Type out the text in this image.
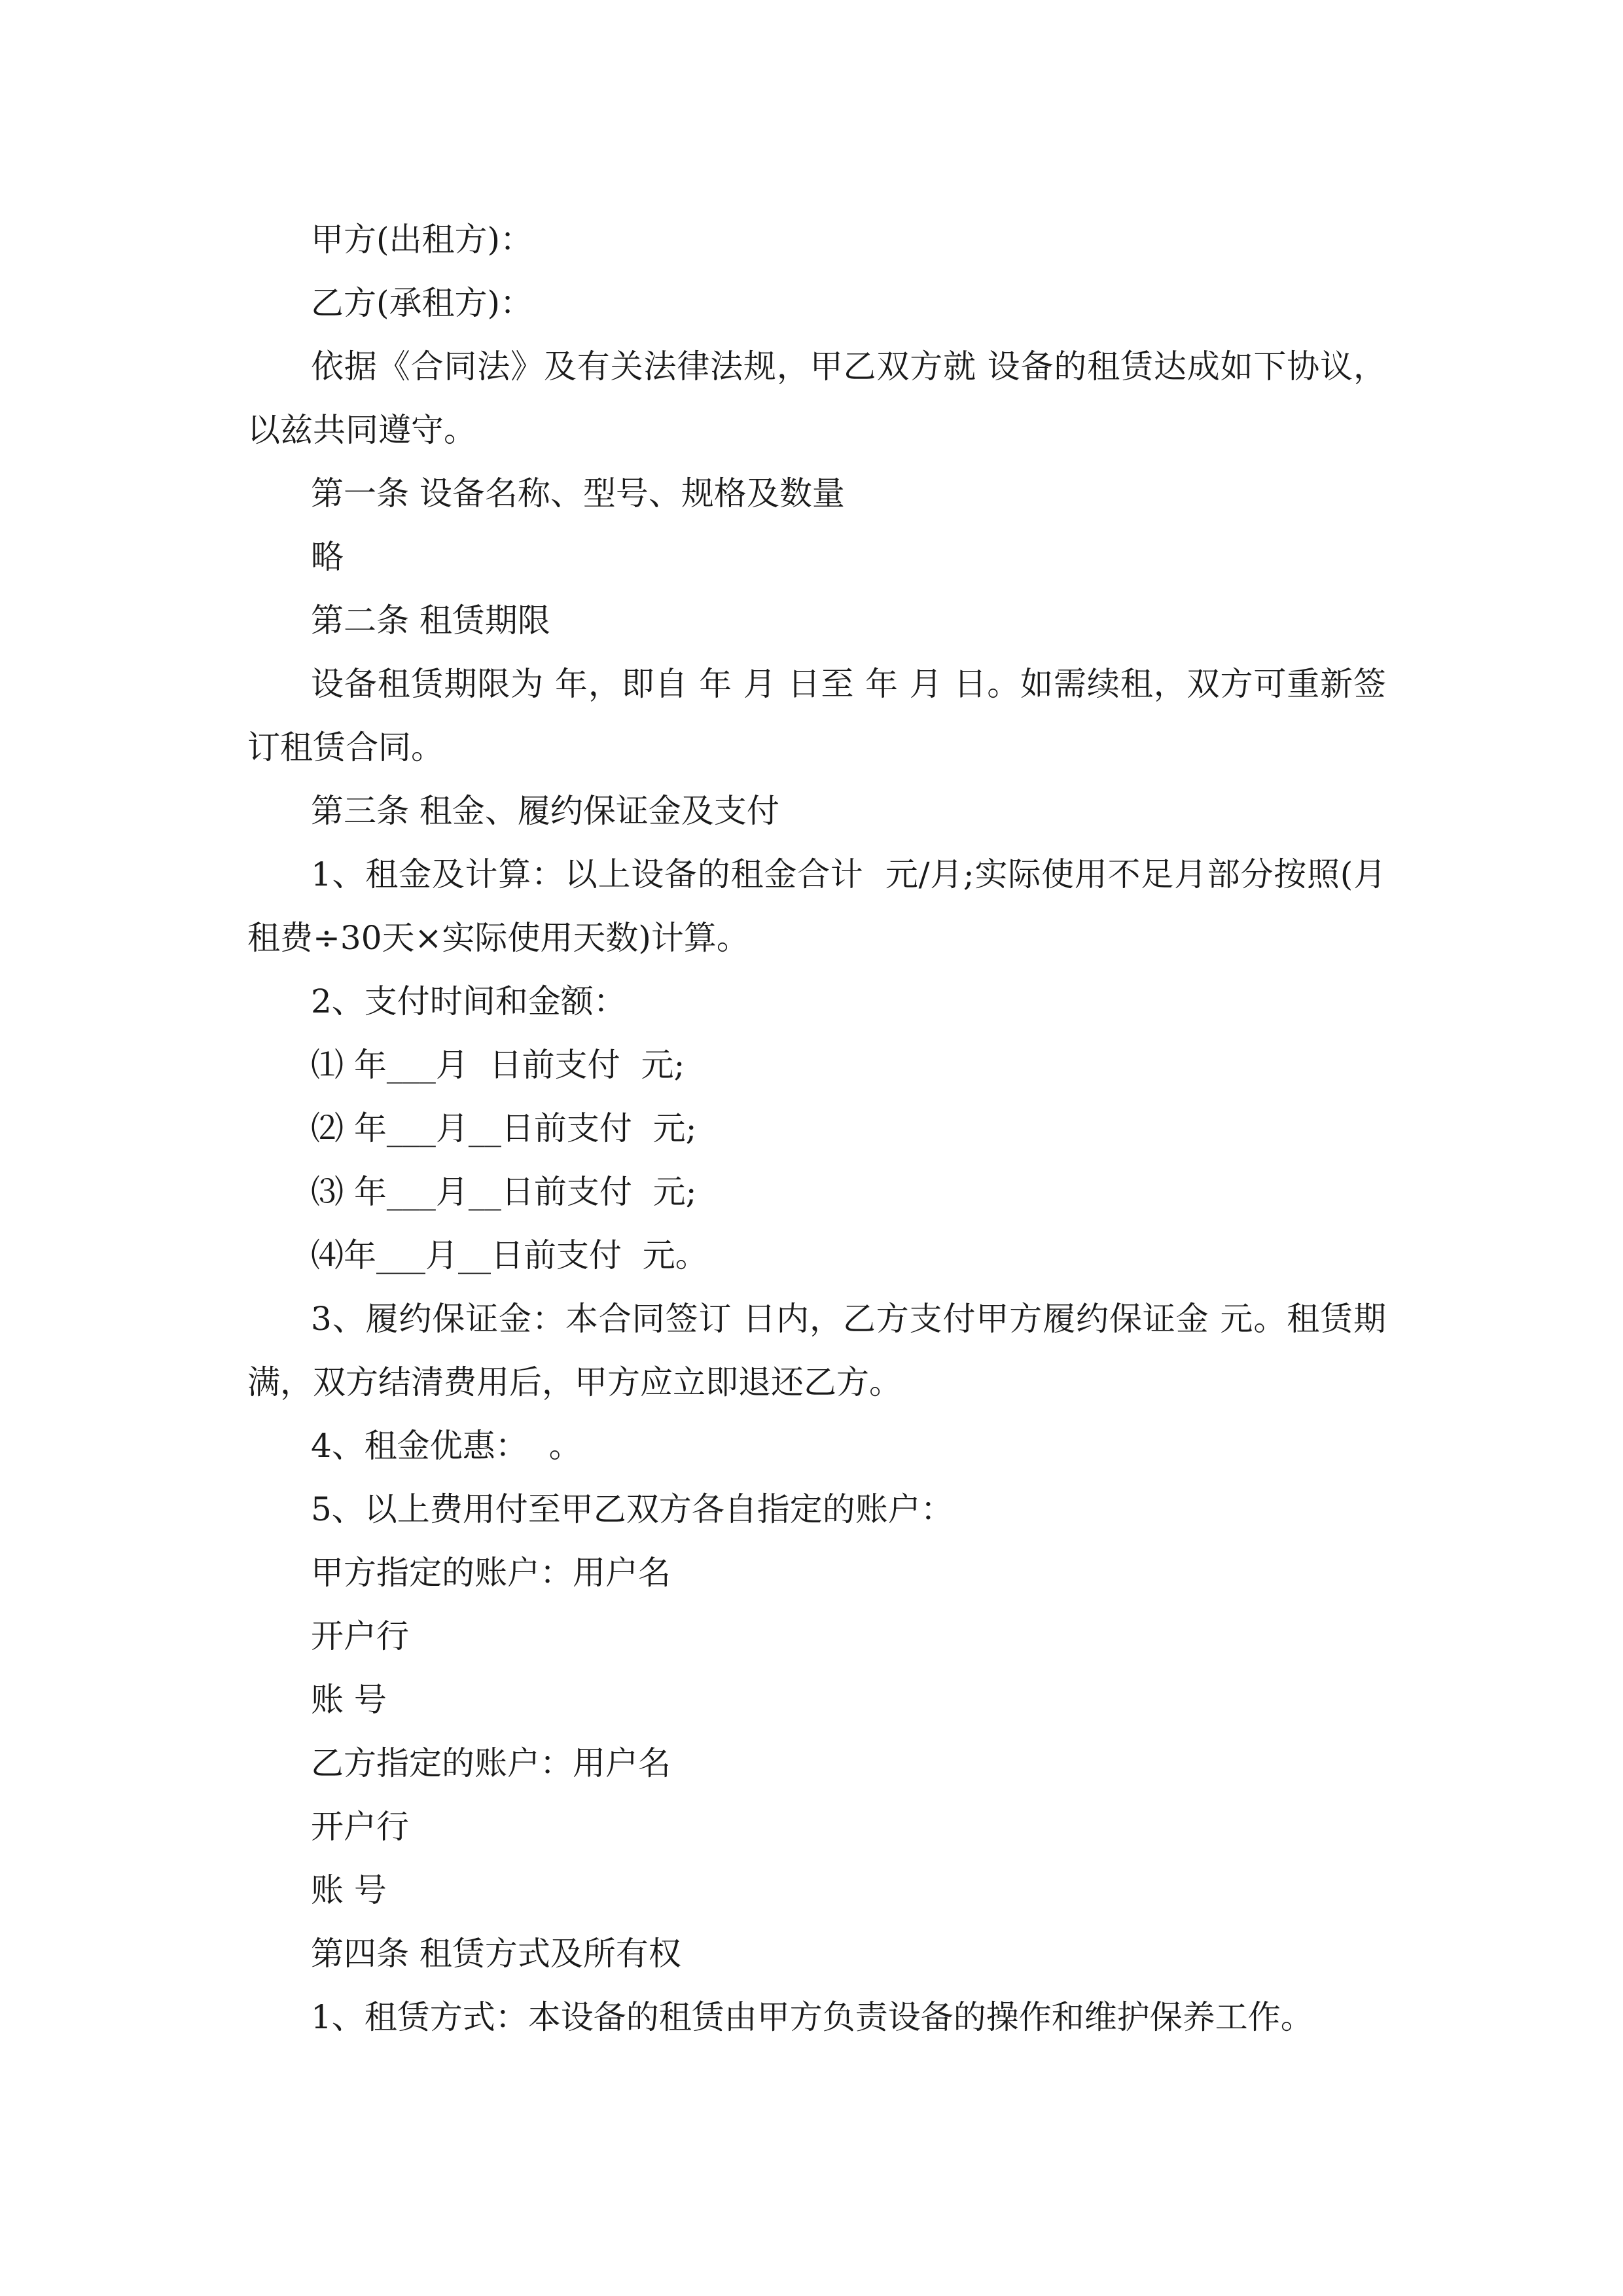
甲方(出租方)：

乙方(承租方)：

依据《合同法》及有关法律法规，甲乙双方就 设备的租赁达成如下协议，以兹共同遵守。

第一条 设备名称、型号、规格及数量

略

第二条 租赁期限

设备租赁期限为 年，即自 年 月 日至 年 月 日。如需续租，双方可重新签订租赁合同。

第三条 租金、履约保证金及支付

1、租金及计算：以上设备的租金合计  元/月;实际使用不足月部分按照(月租费÷30天×实际使用天数)计算。

2、支付时间和金额：

⑴ 年___月  日前支付  元;

⑵ 年___月__日前支付  元;

⑶ 年___月__日前支付  元;

⑷年___月__日前支付  元。

3、履约保证金：本合同签订 日内，乙方支付甲方履约保证金 元。租赁期满，双方结清费用后，甲方应立即退还乙方。

4、租金优惠：  。

5、以上费用付至甲乙双方各自指定的账户：

甲方指定的账户：用户名

开户行

账 号

乙方指定的账户：用户名

开户行

账 号

第四条 租赁方式及所有权

1、租赁方式：本设备的租赁由甲方负责设备的操作和维护保养工作。
